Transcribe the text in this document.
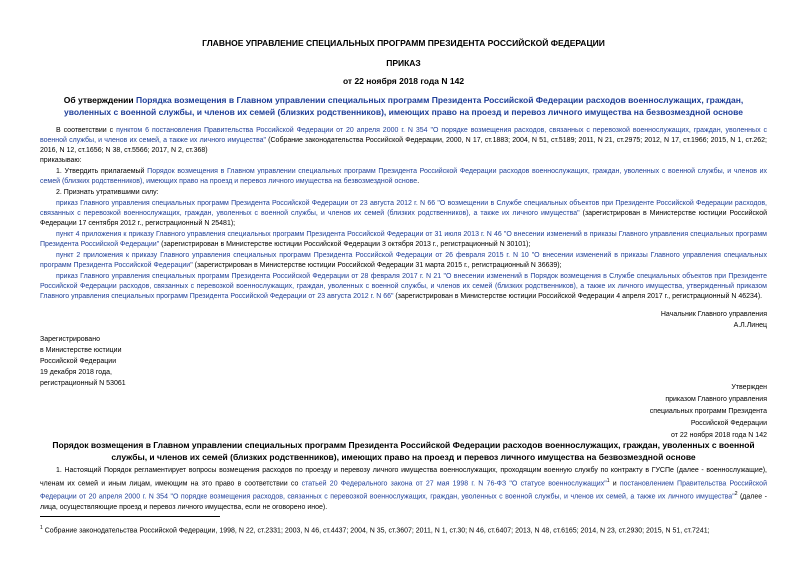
ГЛАВНОЕ УПРАВЛЕНИЕ СПЕЦИАЛЬНЫХ ПРОГРАММ ПРЕЗИДЕНТА РОССИЙСКОЙ ФЕДЕРАЦИИ
ПРИКАЗ
от 22 ноября 2018 года N 142
Об утверждении Порядка возмещения в Главном управлении специальных программ Президента Российской Федерации расходов военнослужащих, граждан, уволенных с военной службы, и членов их семей (близких родственников), имеющих право на проезд и перевоз личного имущества на безвозмездной основе
В соответствии с пунктом 6 постановления Правительства Российской Федерации от 20 апреля 2000 г. N 354 "О порядке возмещения расходов, связанных с перевозкой военнослужащих, граждан, уволенных с военной службы, и членов их семей, а также их личного имущества" (Собрание законодательства Российской Федерации, 2000, N 17, ст.1883; 2004, N 51, ст.5189; 2011, N 21, ст.2975; 2012, N 17, ст.1966; 2015, N 1, ст.262; 2016, N 12, ст.1656; N 38, ст.5566; 2017, N 2, ст.368)
приказываю:
1. Утвердить прилагаемый Порядок возмещения в Главном управлении специальных программ Президента Российской Федерации расходов военнослужащих, граждан, уволенных с военной службы, и членов их семей (близких родственников), имеющих право на проезд и перевоз личного имущества на безвозмездной основе.
2. Признать утратившими силу:
приказ Главного управления специальных программ Президента Российской Федерации от 23 августа 2012 г. N 66 "О возмещении в Службе специальных объектов при Президенте Российской Федерации расходов, связанных с перевозкой военнослужащих, граждан, уволенных с военной службы, и членов их семей (близких родственников), а также их личного имущества" (зарегистрирован в Министерстве юстиции Российской Федерации 17 сентября 2012 г., регистрационный N 25481);
пункт 4 приложения к приказу Главного управления специальных программ Президента Российской Федерации от 31 июля 2013 г. N 46 "О внесении изменений в приказы Главного управления специальных программ Президента Российской Федерации" (зарегистрирован в Министерстве юстиции Российской Федерации 3 октября 2013 г., регистрационный N 30101);
пункт 2 приложения к приказу Главного управления специальных программ Президента Российской Федерации от 26 февраля 2015 г. N 10 "О внесении изменений в приказы Главного управления специальных программ Президента Российской Федерации" (зарегистрирован в Министерстве юстиции Российской Федерации 31 марта 2015 г., регистрационный N 36639);
приказ Главного управления специальных программ Президента Российской Федерации от 28 февраля 2017 г. N 21 "О внесении изменений в Порядок возмещения в Службе специальных объектов при Президенте Российской Федерации расходов, связанных с перевозкой военнослужащих, граждан, уволенных с военной службы, и членов их семей (близких родственников), а также их личного имущества, утвержденный приказом Главного управления специальных программ Президента Российской Федерации от 23 августа 2012 г. N 66" (зарегистрирован в Министерстве юстиции Российской Федерации 4 апреля 2017 г., регистрационный N 46234).
Начальник Главного управления
А.Л.Линец
Зарегистрировано
в Министерстве юстиции
Российской Федерации
19 декабря 2018 года,
регистрационный N 53061
Утвержден
приказом Главного управления
специальных программ Президента
Российской Федерации
от 22 ноября 2018 года N 142
Порядок возмещения в Главном управлении специальных программ Президента Российской Федерации расходов военнослужащих, граждан, уволенных с военной службы, и членов их семей (близких родственников), имеющих право на проезд и перевоз личного имущества на безвозмездной основе
1. Настоящий Порядок регламентирует вопросы возмещения расходов по проезду и перевозу личного имущества военнослужащих, проходящим военную службу по контракту в ГУСПе (далее - военнослужащие), членам их семей и иным лицам, имеющим на это право в соответствии со статьей 20 Федерального закона от 27 мая 1998 г. N 76-ФЗ "О статусе военнослужащих"$^1$ и постановлением Правительства Российской Федерации от 20 апреля 2000 г. N 354 "О порядке возмещения расходов, связанных с перевозкой военнослужащих, граждан, уволенных с военной службы, и членов их семей, а также их личного имущества"$^2$ (далее - лица, осуществляющие проезд и перевоз личного имущества, если не оговорено иное).
$^1$ Собрание законодательства Российской Федерации, 1998, N 22, ст.2331; 2003, N 46, ст.4437; 2004, N 35, ст.3607; 2011, N 1, ст.30; N 46, ст.6407; 2013, N 48, ст.6165; 2014, N 23, ст.2930; 2015, N 51, ст.7241;
